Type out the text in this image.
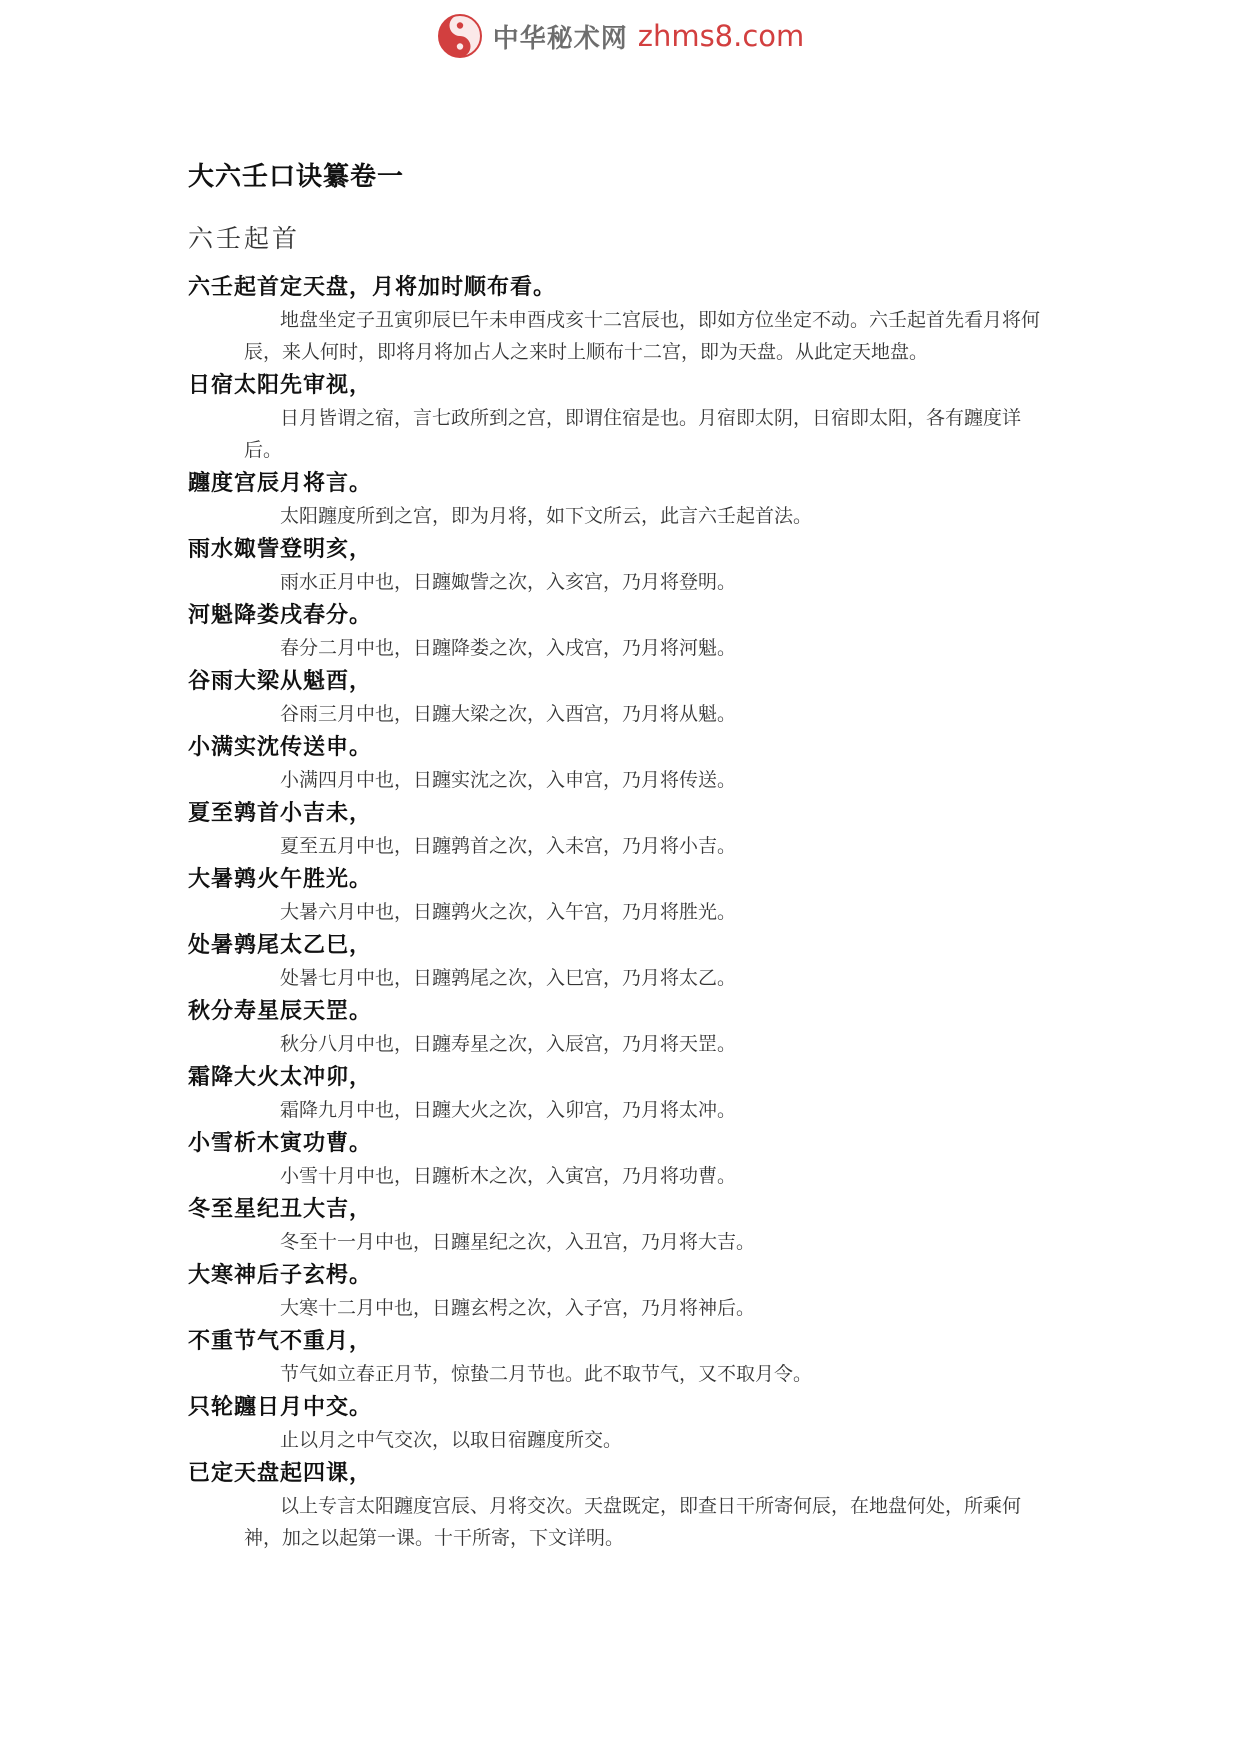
中华秘术网 zhms8.com
大六壬口诀纂卷一
六壬起首

六壬起首定天盘，月将加时顺布看。

地盘坐定子丑寅卯辰巳午未申酉戌亥十二宫辰也，即如方位坐定不动。六壬起首先看月将何辰，来人何时，即将月将加占人之来时上顺布十二宫，即为天盘。从此定天地盘。

日宿太阳先审视，

日月皆谓之宿，言七政所到之宫，即谓住宿是也。月宿即太阴，日宿即太阳，各有躔度详后。

躔度宫辰月将言。

太阳躔度所到之宫，即为月将，如下文所云，此言六壬起首法。

雨水娵訾登明亥，

雨水正月中也，日躔娵訾之次，入亥宫，乃月将登明。

河魁降娄戌春分。

春分二月中也，日躔降娄之次，入戌宫，乃月将河魁。

谷雨大梁从魁酉，

谷雨三月中也，日躔大梁之次，入酉宫，乃月将从魁。

小满实沈传送申。

小满四月中也，日躔实沈之次，入申宫，乃月将传送。

夏至鹑首小吉未，

夏至五月中也，日躔鹑首之次，入未宫，乃月将小吉。

大暑鹑火午胜光。

大暑六月中也，日躔鹑火之次，入午宫，乃月将胜光。

处暑鹑尾太乙巳，

处暑七月中也，日躔鹑尾之次，入巳宫，乃月将太乙。

秋分寿星辰天罡。

秋分八月中也，日躔寿星之次，入辰宫，乃月将天罡。

霜降大火太冲卯，

霜降九月中也，日躔大火之次，入卯宫，乃月将太冲。

小雪析木寅功曹。

小雪十月中也，日躔析木之次，入寅宫，乃月将功曹。

冬至星纪丑大吉，

冬至十一月中也，日躔星纪之次，入丑宫，乃月将大吉。

大寒神后子玄枵。

大寒十二月中也，日躔玄枵之次，入子宫，乃月将神后。

不重节气不重月，

节气如立春正月节，惊蛰二月节也。此不取节气，又不取月令。

只轮躔日月中交。

止以月之中气交次，以取日宿躔度所交。

已定天盘起四课，

以上专言太阳躔度宫辰、月将交次。天盘既定，即查日干所寄何辰，在地盘何处，所乘何神，加之以起第一课。十干所寄，下文详明。
